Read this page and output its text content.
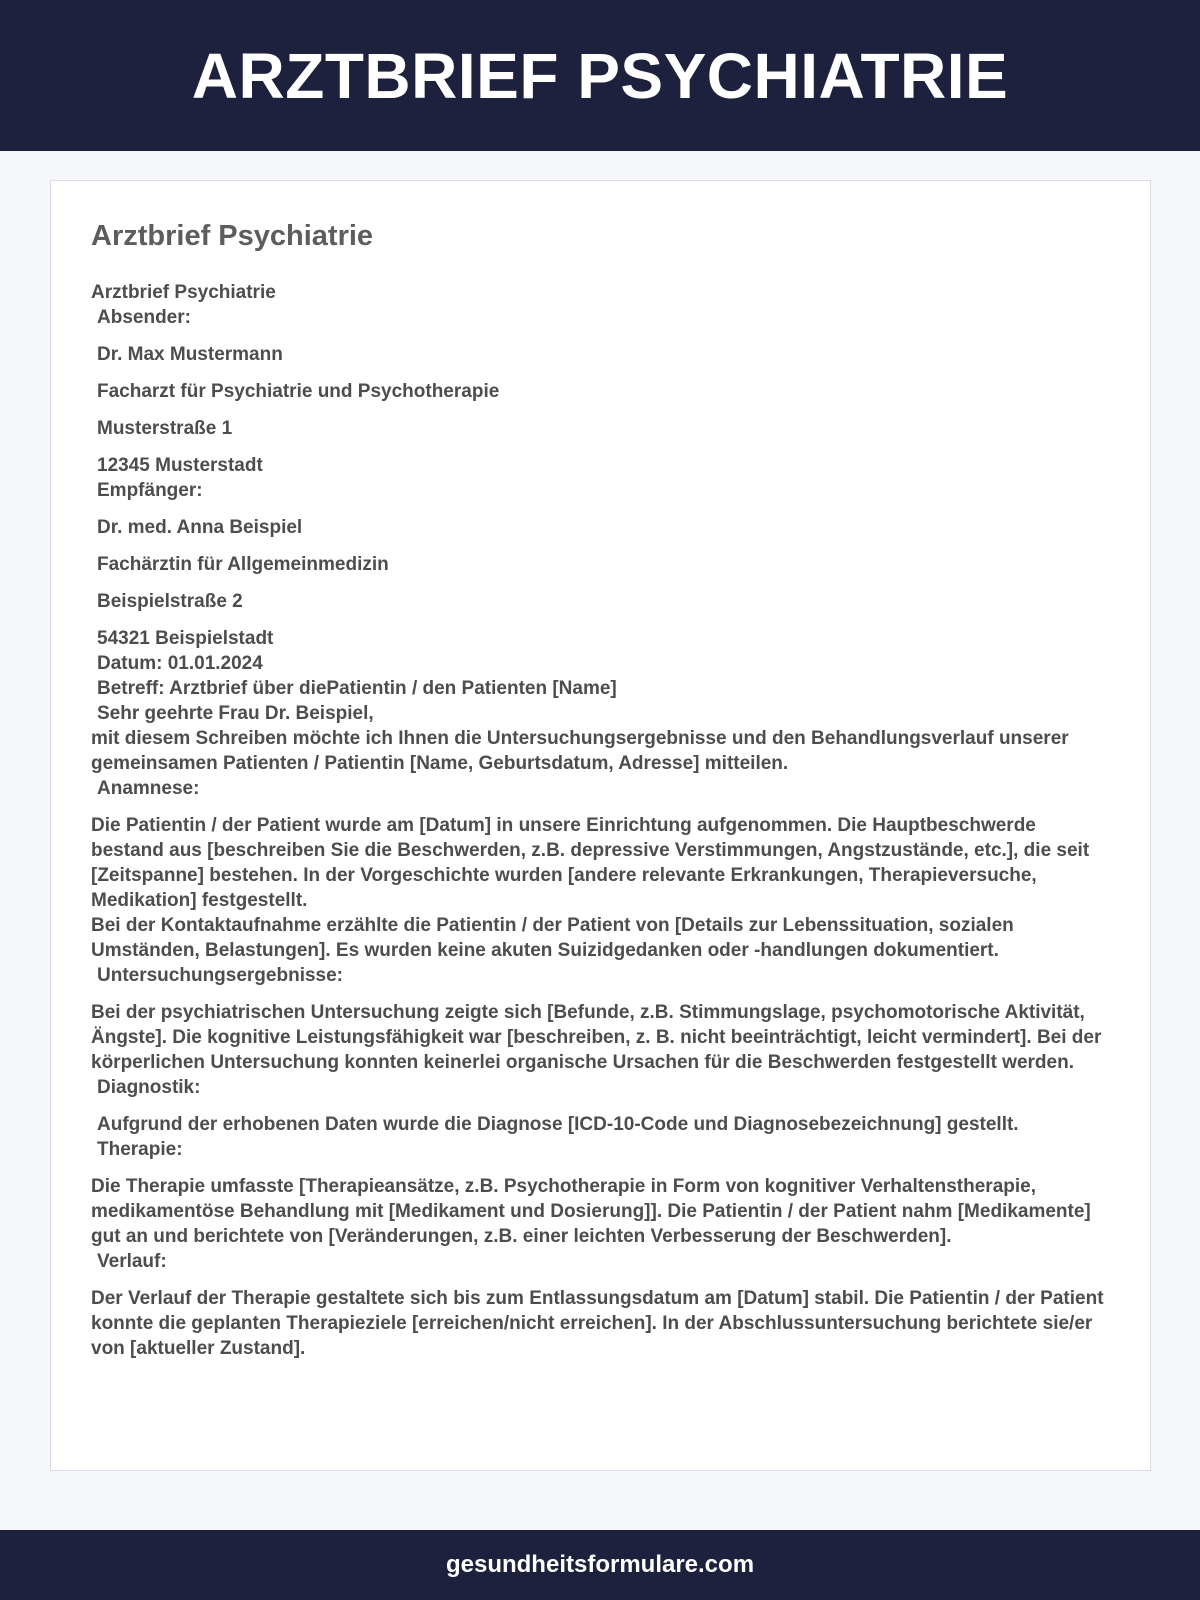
ARZTBRIEF PSYCHIATRIE
Arztbrief Psychiatrie
Arztbrief Psychiatrie
Absender:
Dr. Max Mustermann
Facharzt für Psychiatrie und Psychotherapie
Musterstraße 1
12345 Musterstadt
Empfänger:
Dr. med. Anna Beispiel
Fachärztin für Allgemeinmedizin
Beispielstraße 2
54321 Beispielstadt
Datum: 01.01.2024
Betreff: Arztbrief über diePatientin / den Patienten [Name]
Sehr geehrte Frau Dr. Beispiel,
mit diesem Schreiben möchte ich Ihnen die Untersuchungsergebnisse und den Behandlungsverlauf unserer gemeinsamen Patienten / Patientin [Name, Geburtsdatum, Adresse] mitteilen.
Anamnese:
Die Patientin / der Patient wurde am [Datum] in unsere Einrichtung aufgenommen. Die Hauptbeschwerde bestand aus [beschreiben Sie die Beschwerden, z.B. depressive Verstimmungen, Angstzustände, etc.], die seit [Zeitspanne] bestehen. In der Vorgeschichte wurden [andere relevante Erkrankungen, Therapieversuche, Medikation] festgestellt.
Bei der Kontaktaufnahme erzählte die Patientin / der Patient von [Details zur Lebenssituation, sozialen Umständen, Belastungen]. Es wurden keine akuten Suizidgedanken oder -handlungen dokumentiert.
Untersuchungsergebnisse:
Bei der psychiatrischen Untersuchung zeigte sich [Befunde, z.B. Stimmungslage, psychomotorische Aktivität, Ängste]. Die kognitive Leistungsfähigkeit war [beschreiben, z. B. nicht beeinträchtigt, leicht vermindert]. Bei der körperlichen Untersuchung konnten keinerlei organische Ursachen für die Beschwerden festgestellt werden.
Diagnostik:
Aufgrund der erhobenen Daten wurde die Diagnose [ICD-10-Code und Diagnosebezeichnung] gestellt.
Therapie:
Die Therapie umfasste [Therapieansätze, z.B. Psychotherapie in Form von kognitiver Verhaltenstherapie, medikamentöse Behandlung mit [Medikament und Dosierung]]. Die Patientin / der Patient nahm [Medikamente] gut an und berichtete von [Veränderungen, z.B. einer leichten Verbesserung der Beschwerden].
Verlauf:
Der Verlauf der Therapie gestaltete sich bis zum Entlassungsdatum am [Datum] stabil. Die Patientin / der Patient konnte die geplanten Therapieziele [erreichen/nicht erreichen]. In der Abschlussuntersuchung berichtete sie/er von [aktueller Zustand].
gesundheitsformulare.com
